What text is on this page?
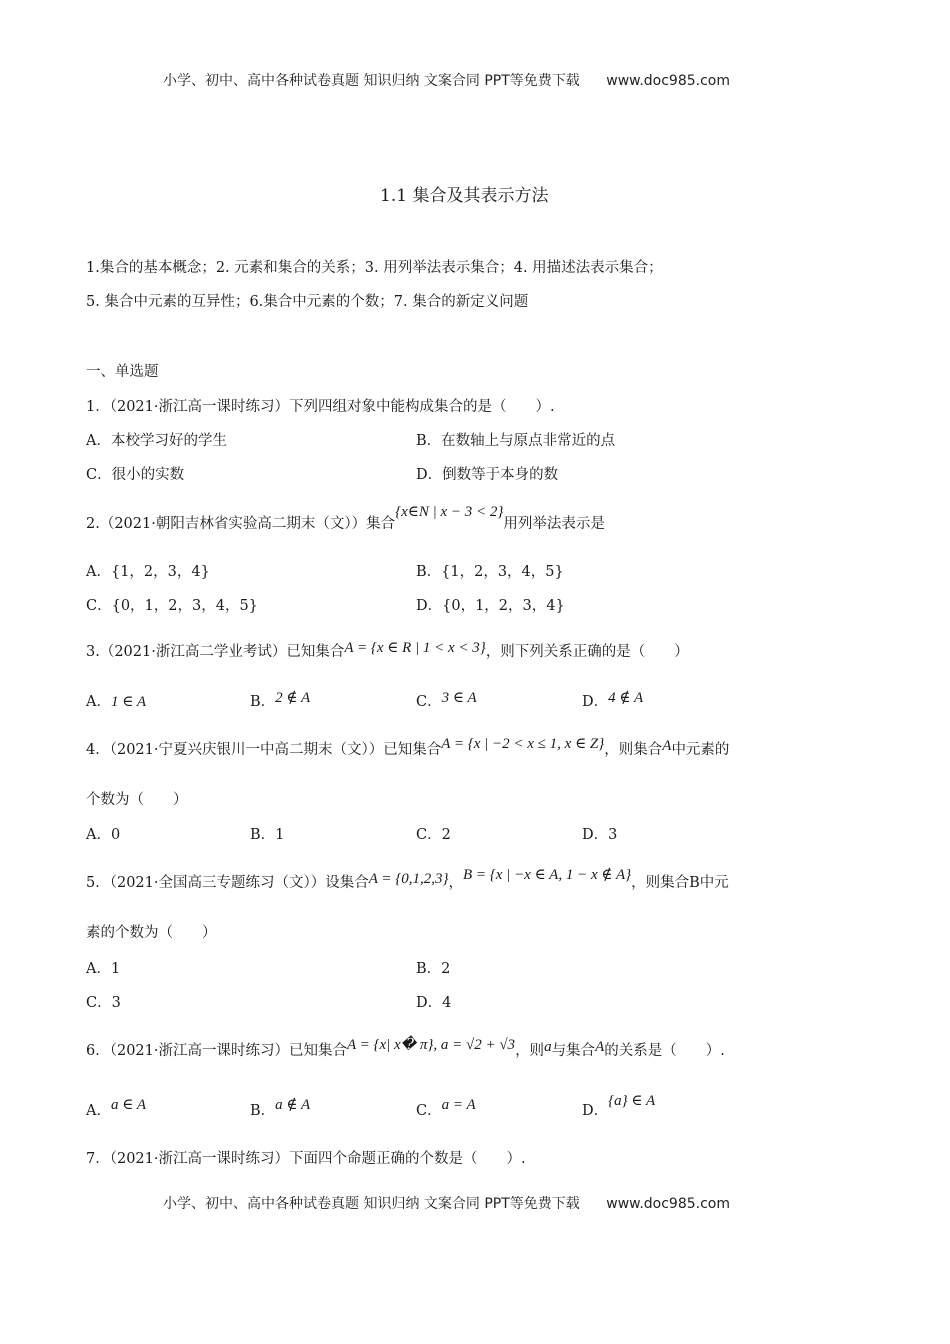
小学、初中、高中各种试卷真题 知识归纳 文案合同 PPT等免费下载 www.doc985.com
1.1 集合及其表示方法
1.集合的基本概念；2. 元素和集合的关系；3. 用列举法表示集合；4. 用描述法表示集合；
5. 集合中元素的互异性；6.集合中元素的个数；7. 集合的新定义问题
一、单选题
1．（2021·浙江高一课时练习）下列四组对象中能构成集合的是（　　）.
A．本校学习好的学生	B．在数轴上与原点非常近的点
C．很小的实数	D．倒数等于本身的数
2.（2021·朝阳吉林省实验高二期末（文））集合{x∈N | x − 3 < 2}用列举法表示是
A．{1，2，3，4}	B．{1，2，3，4，5}
C．{0，1，2，3，4，5}	D．{0，1，2，3，4}
3.（2021·浙江高二学业考试）已知集合A = {x ∈ R | 1 < x < 3}，则下列关系正确的是（　　）
A．1 ∈ A	B．2 ∉ A	C．3 ∈ A	D．4 ∉ A
4．（2021·宁夏兴庆银川一中高二期末（文））已知集合A = {x | −2 < x ≤ 1, x ∈ Z}，则集合A中元素的
个数为（　　）
A．0	B．1	C．2	D．3
5．（2021·全国高三专题练习（文））设集合A = {0,1,2,3}，B = {x | −x ∈ A, 1 − x ∉ A}，则集合B中元
素的个数为（　　）
A．1	B．2
C．3	D．4
6．（2021·浙江高一课时练习）已知集合A = {x| x� π}, a = √2 + √3，则a与集合A的关系是（　　）.
A．a ∈ A	B．a ∉ A	C．a = A	D．{a} ∈ A
7．（2021·浙江高一课时练习）下面四个命题正确的个数是（　　）.
小学、初中、高中各种试卷真题 知识归纳 文案合同 PPT等免费下载 www.doc985.com
